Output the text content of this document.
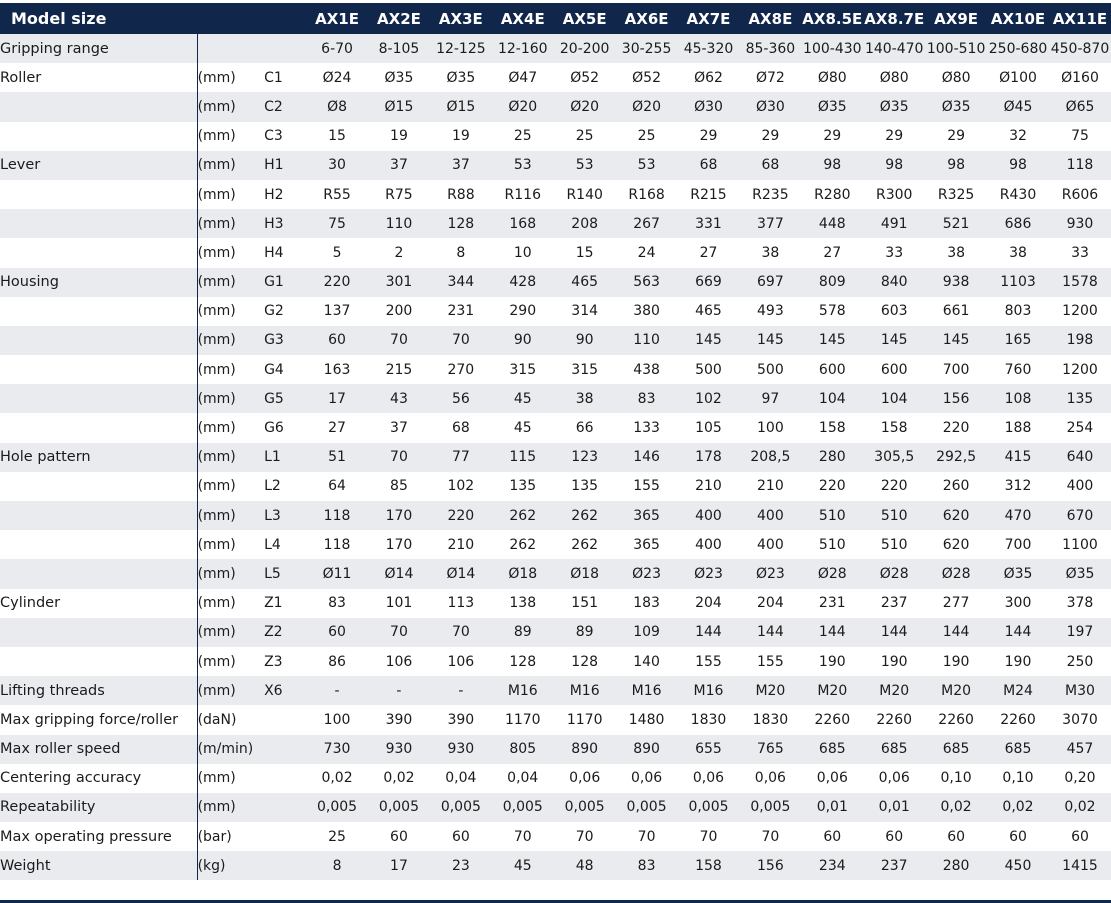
Model size			AX1E	AX2E	AX3E	AX4E	AX5E	AX6E	AX7E	AX8E	AX8.5E	AX8.7E	AX9E	AX10E	AX11E
Gripping range			6-70	8-105	12-125	12-160	20-200	30-255	45-320	85-360	100-430	140-470	100-510	250-680	450-870
Roller	(mm)	C1	Ø24	Ø35	Ø35	Ø47	Ø52	Ø52	Ø62	Ø72	Ø80	Ø80	Ø80	Ø100	Ø160
	(mm)	C2	Ø8	Ø15	Ø15	Ø20	Ø20	Ø20	Ø30	Ø30	Ø35	Ø35	Ø35	Ø45	Ø65
	(mm)	C3	15	19	19	25	25	25	29	29	29	29	29	32	75
Lever	(mm)	H1	30	37	37	53	53	53	68	68	98	98	98	98	118
	(mm)	H2	R55	R75	R88	R116	R140	R168	R215	R235	R280	R300	R325	R430	R606
	(mm)	H3	75	110	128	168	208	267	331	377	448	491	521	686	930
	(mm)	H4	5	2	8	10	15	24	27	38	27	33	38	38	33
Housing	(mm)	G1	220	301	344	428	465	563	669	697	809	840	938	1103	1578
	(mm)	G2	137	200	231	290	314	380	465	493	578	603	661	803	1200
	(mm)	G3	60	70	70	90	90	110	145	145	145	145	145	165	198
	(mm)	G4	163	215	270	315	315	438	500	500	600	600	700	760	1200
	(mm)	G5	17	43	56	45	38	83	102	97	104	104	156	108	135
	(mm)	G6	27	37	68	45	66	133	105	100	158	158	220	188	254
Hole pattern	(mm)	L1	51	70	77	115	123	146	178	208,5	280	305,5	292,5	415	640
	(mm)	L2	64	85	102	135	135	155	210	210	220	220	260	312	400
	(mm)	L3	118	170	220	262	262	365	400	400	510	510	620	470	670
	(mm)	L4	118	170	210	262	262	365	400	400	510	510	620	700	1100
	(mm)	L5	Ø11	Ø14	Ø14	Ø18	Ø18	Ø23	Ø23	Ø23	Ø28	Ø28	Ø28	Ø35	Ø35
Cylinder	(mm)	Z1	83	101	113	138	151	183	204	204	231	237	277	300	378
	(mm)	Z2	60	70	70	89	89	109	144	144	144	144	144	144	197
	(mm)	Z3	86	106	106	128	128	140	155	155	190	190	190	190	250
Lifting threads	(mm)	X6	-	-	-	M16	M16	M16	M16	M20	M20	M20	M20	M24	M30
Max gripping force/roller	(daN)		100	390	390	1170	1170	1480	1830	1830	2260	2260	2260	2260	3070
Max roller speed	(m/min)		730	930	930	805	890	890	655	765	685	685	685	685	457
Centering accuracy	(mm)		0,02	0,02	0,04	0,04	0,06	0,06	0,06	0,06	0,06	0,06	0,10	0,10	0,20
Repeatability	(mm)		0,005	0,005	0,005	0,005	0,005	0,005	0,005	0,005	0,01	0,01	0,02	0,02	0,02
Max operating pressure	(bar)		25	60	60	70	70	70	70	70	60	60	60	60	60
Weight	(kg)		8	17	23	45	48	83	158	156	234	237	280	450	1415
